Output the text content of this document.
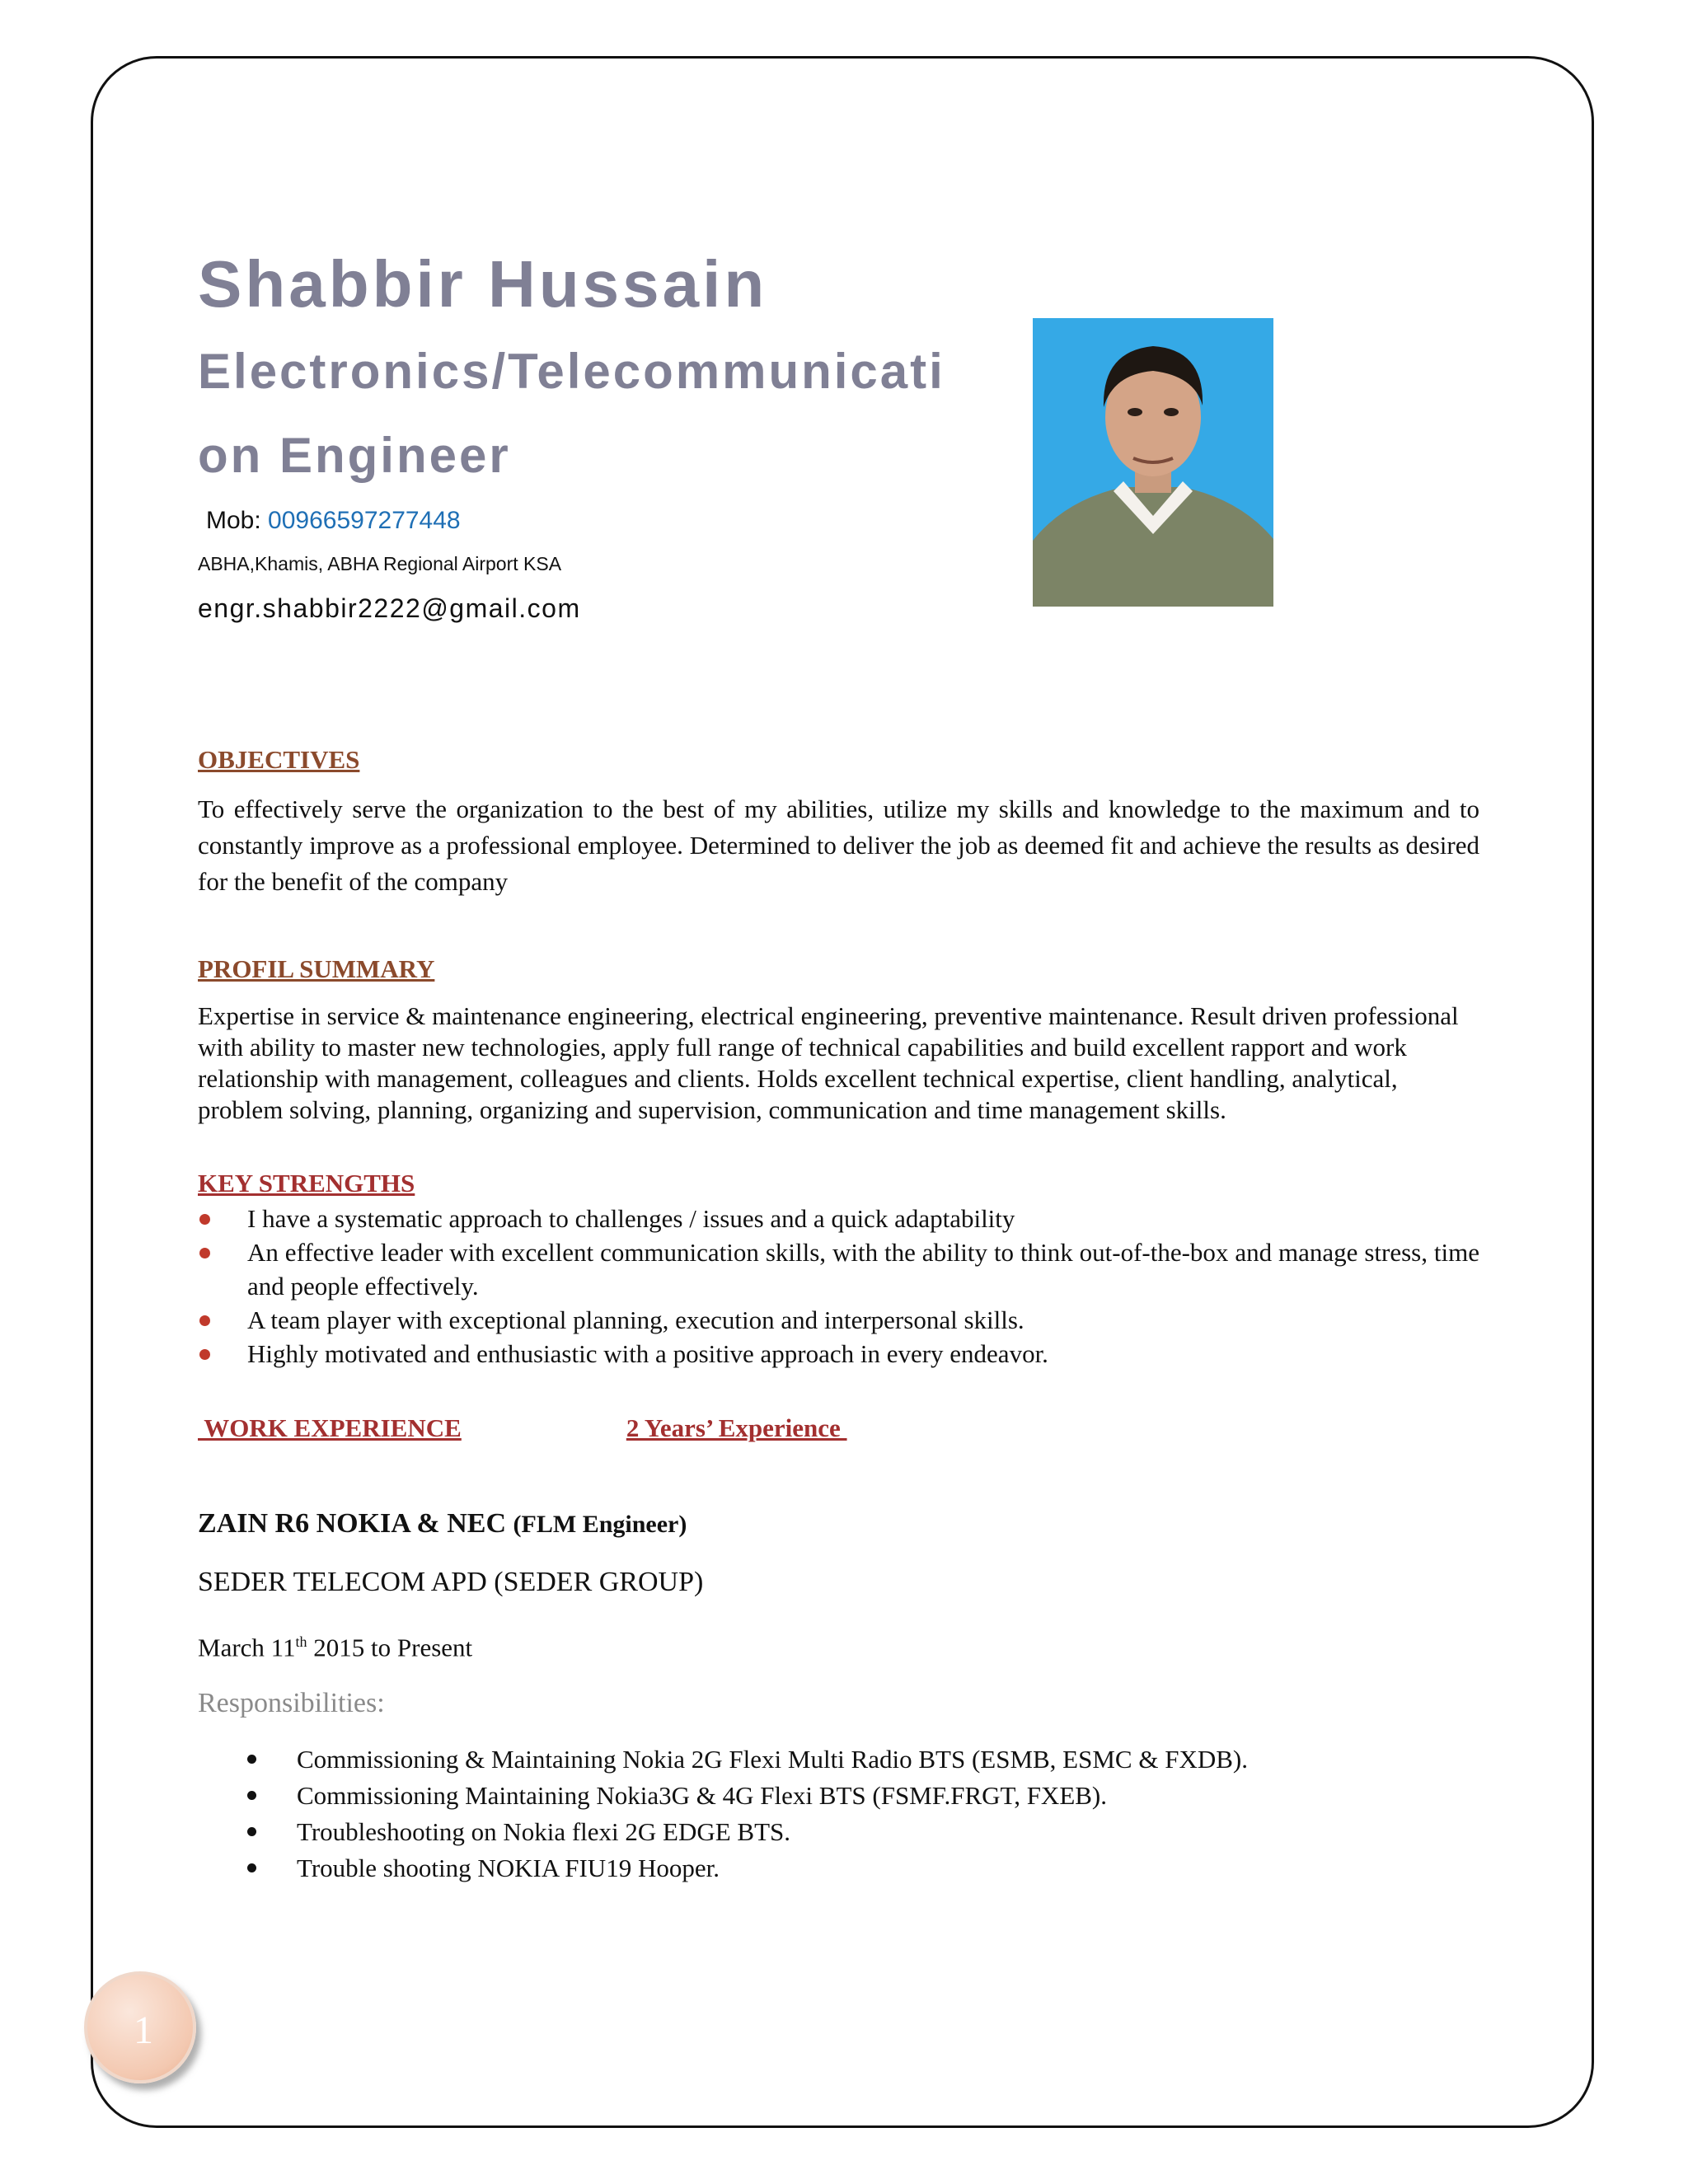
Shabbir Hussain
Electronics/Telecommunication Engineer

Mob: 00966597277448

ABHA,Khamis, ABHA Regional Airport KSA

engr.shabbir2222@gmail.com

OBJECTIVES

To effectively serve the organization to the best of my abilities, utilize my skills and knowledge to the maximum and to constantly improve as a professional employee. Determined to deliver the job as deemed fit and achieve the results as desired for the benefit of the company

PROFIL SUMMARY

Expertise in service & maintenance engineering, electrical engineering, preventive maintenance. Result driven professional with ability to master new technologies, apply full range of technical capabilities and build excellent rapport and work relationship with management, colleagues and clients. Holds excellent technical expertise, client handling, analytical, problem solving, planning, organizing and supervision, communication and time management skills.

KEY STRENGTHS
I have a systematic approach to challenges / issues and a quick adaptability
An effective leader with excellent communication skills, with the ability to think out-of-the-box and manage stress, time and people effectively.
A team player with exceptional planning, execution and interpersonal skills.
Highly motivated and enthusiastic with a positive approach in every endeavor.

WORK EXPERIENCE	2 Years’ Experience

ZAIN R6 NOKIA & NEC (FLM Engineer)

SEDER TELECOM APD (SEDER GROUP)

March 11th 2015 to Present

Responsibilities:

Commissioning & Maintaining Nokia 2G Flexi Multi Radio BTS (ESMB, ESMC & FXDB).
Commissioning Maintaining Nokia3G & 4G Flexi BTS (FSMF.FRGT, FXEB).
Troubleshooting on Nokia flexi 2G EDGE BTS.
Trouble shooting NOKIA FIU19 Hooper.
1
